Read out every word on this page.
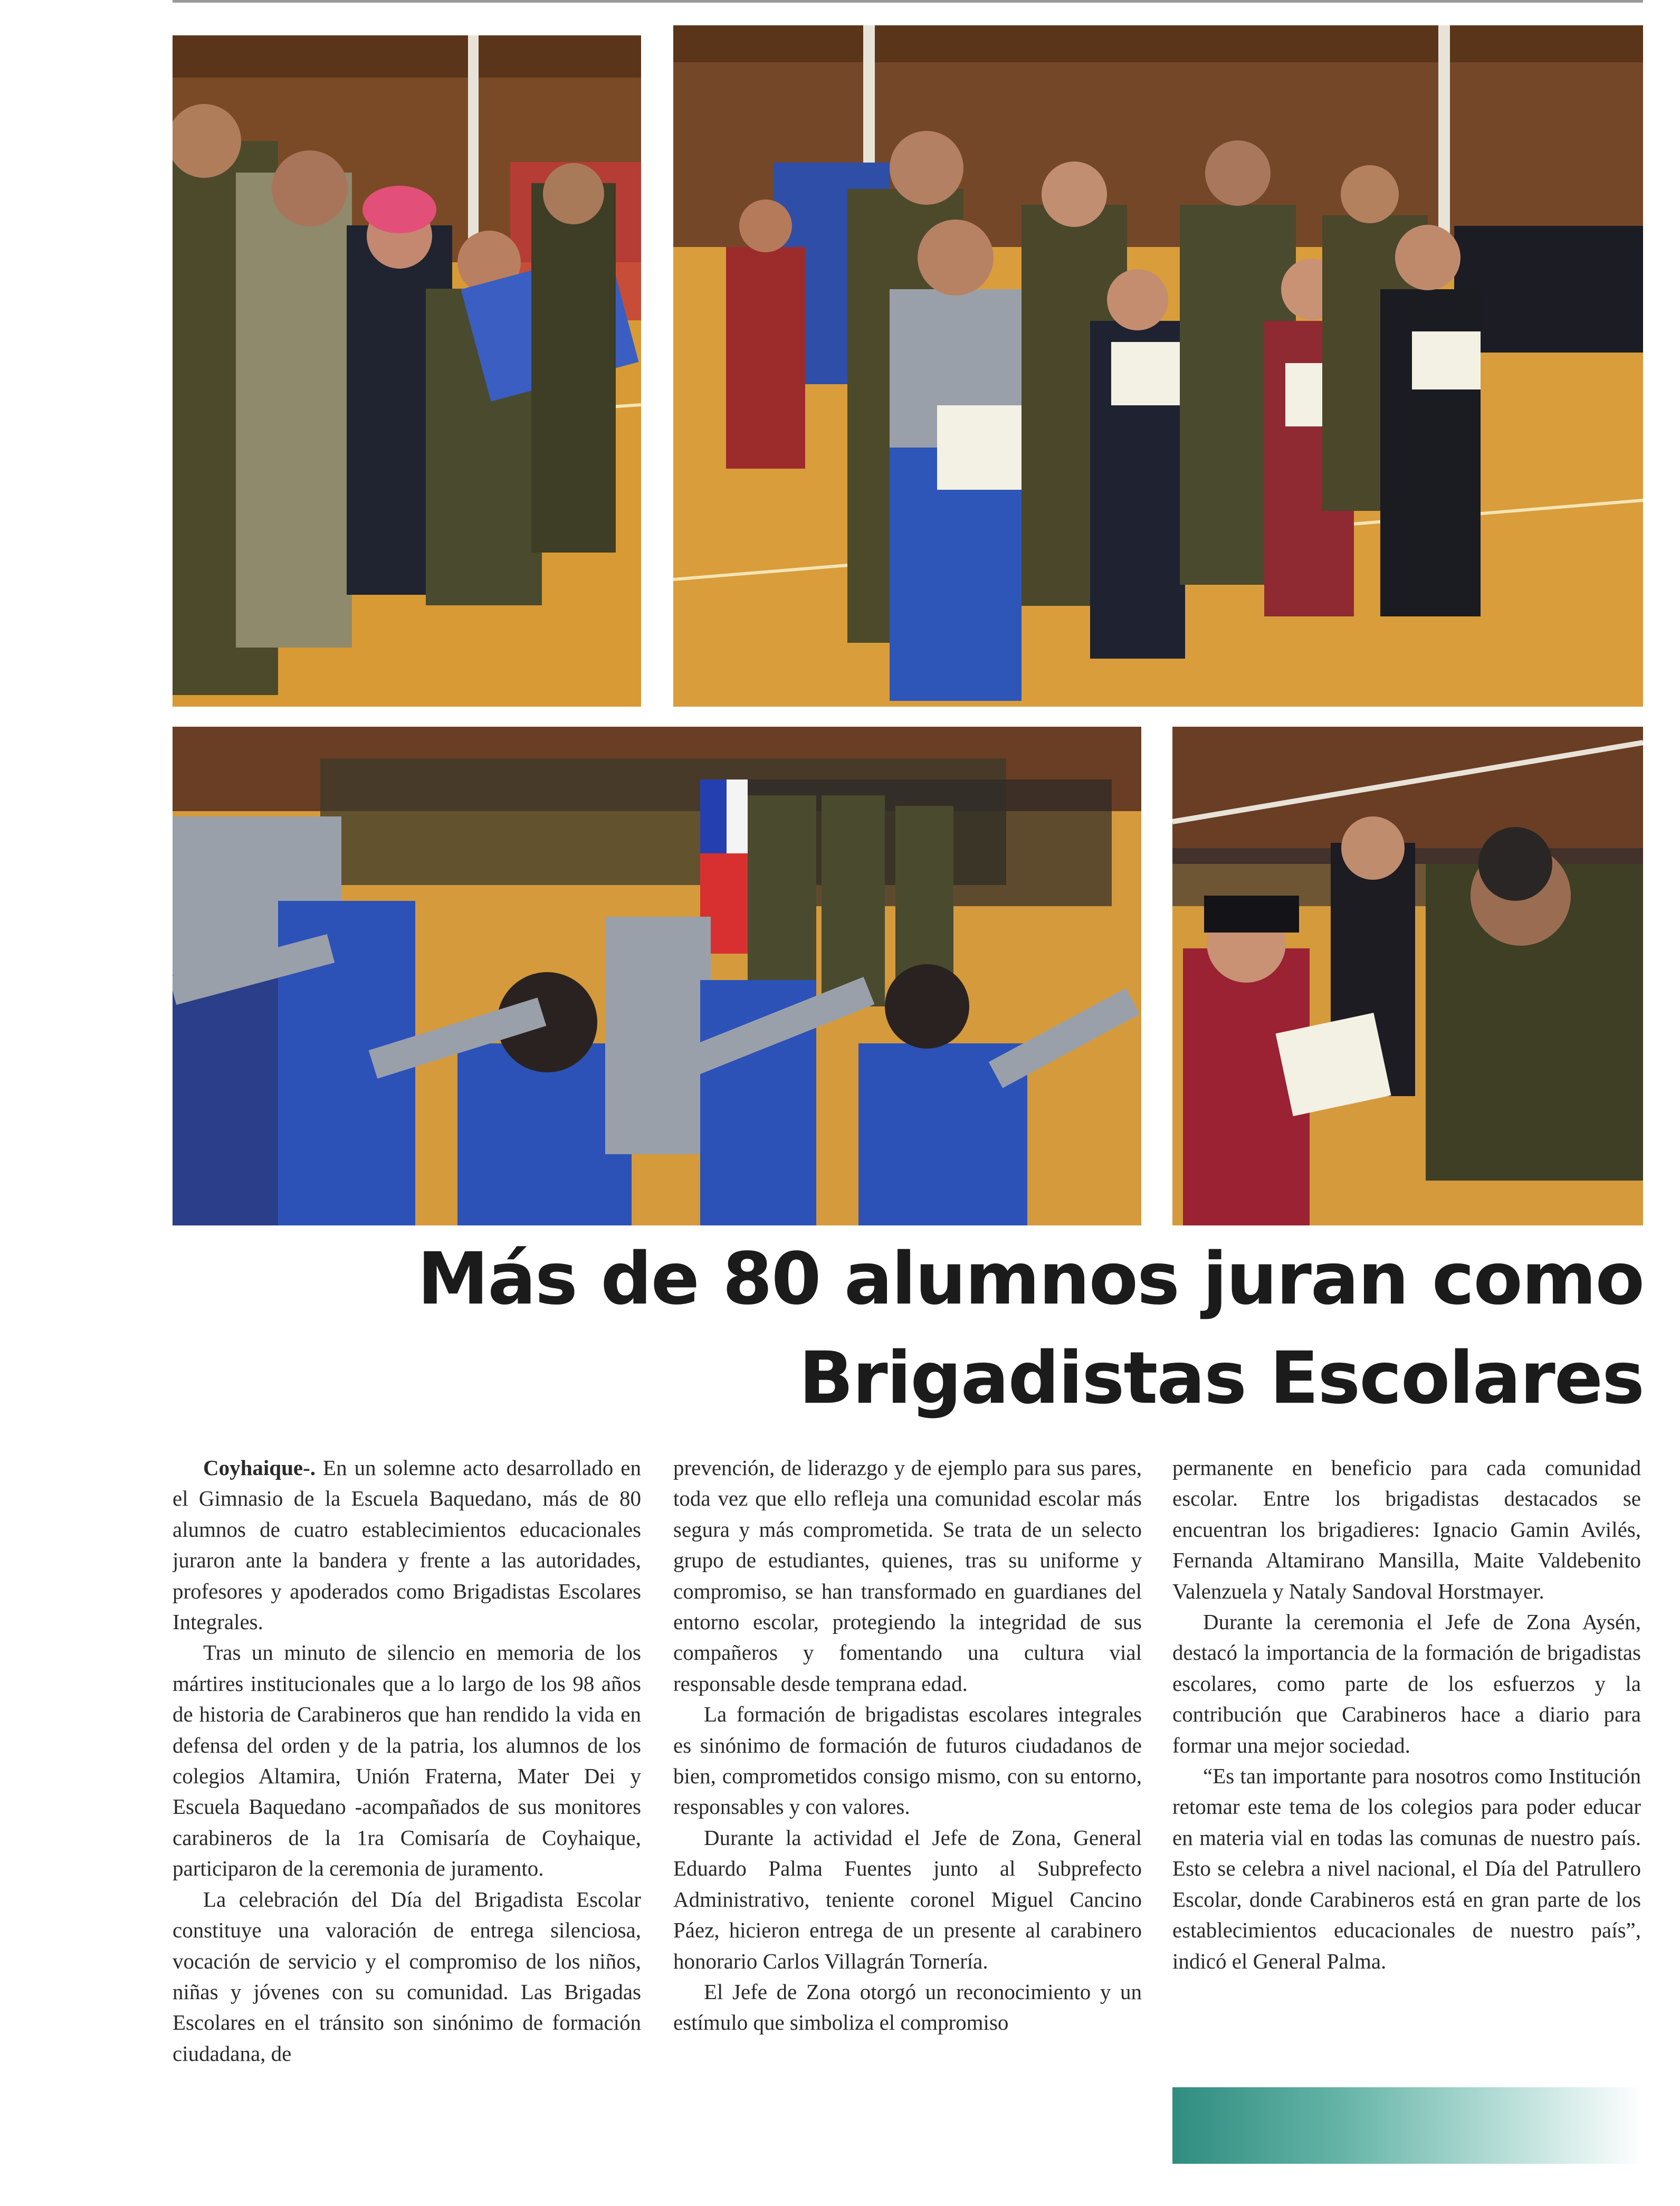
Más de 80 alumnos juran como
Brigadistas Escolares

Coyhaique-. En un solemne acto desarrollado en el Gimnasio de la Escuela Baquedano, más de 80 alumnos de cuatro establecimientos educacionales juraron ante la bandera y frente a las autoridades, profesores y apoderados como Brigadistas Escolares Integrales.

Tras un minuto de silencio en memoria de los mártires institucionales que a lo largo de los 98 años de historia de Carabineros que han rendido la vida en defensa del orden y de la patria, los alumnos de los colegios Altamira, Unión Fraterna, Mater Dei y Escuela Baquedano -acompañados de sus monitores carabineros de la 1ra Comisaría de Coyhaique, participaron de la ceremonia de juramento.

La celebración del Día del Brigadista Escolar constituye una valoración de entrega silenciosa, vocación de servicio y el compromiso de los niños, niñas y jóvenes con su comunidad. Las Brigadas Escolares en el tránsito son sinónimo de formación ciudadana, de

prevención, de liderazgo y de ejemplo para sus pares, toda vez que ello refleja una comunidad escolar más segura y más comprometida. Se trata de un selecto grupo de estudiantes, quienes, tras su uniforme y compromiso, se han transformado en guardianes del entorno escolar, protegiendo la integridad de sus compañeros y fomentando una cultura vial responsable desde temprana edad.

La formación de brigadistas escolares integrales es sinónimo de formación de futuros ciudadanos de bien, comprometidos consigo mismo, con su entorno, responsables y con valores.

Durante la actividad el Jefe de Zona, General Eduardo Palma Fuentes junto al Subprefecto Administrativo, teniente coronel Miguel Cancino Páez, hicieron entrega de un presente al carabinero honorario Carlos Villagrán Tornería.

El Jefe de Zona otorgó un reconocimiento y un estímulo que simboliza el compromiso

permanente en beneficio para cada comunidad escolar. Entre los brigadistas destacados se encuentran los brigadieres: Ignacio Gamin Avilés, Fernanda Altamirano Mansilla, Maite Valdebenito Valenzuela y Nataly Sandoval Horstmayer.

Durante la ceremonia el Jefe de Zona Aysén, destacó la importancia de la formación de brigadistas escolares, como parte de los esfuerzos y la contribución que Carabineros hace a diario para formar una mejor sociedad.

“Es tan importante para nosotros como Institución retomar este tema de los colegios para poder educar en materia vial en todas las comunas de nuestro país. Esto se celebra a nivel nacional, el Día del Patrullero Escolar, donde Carabineros está en gran parte de los establecimientos educacionales de nuestro país”, indicó el General Palma.
